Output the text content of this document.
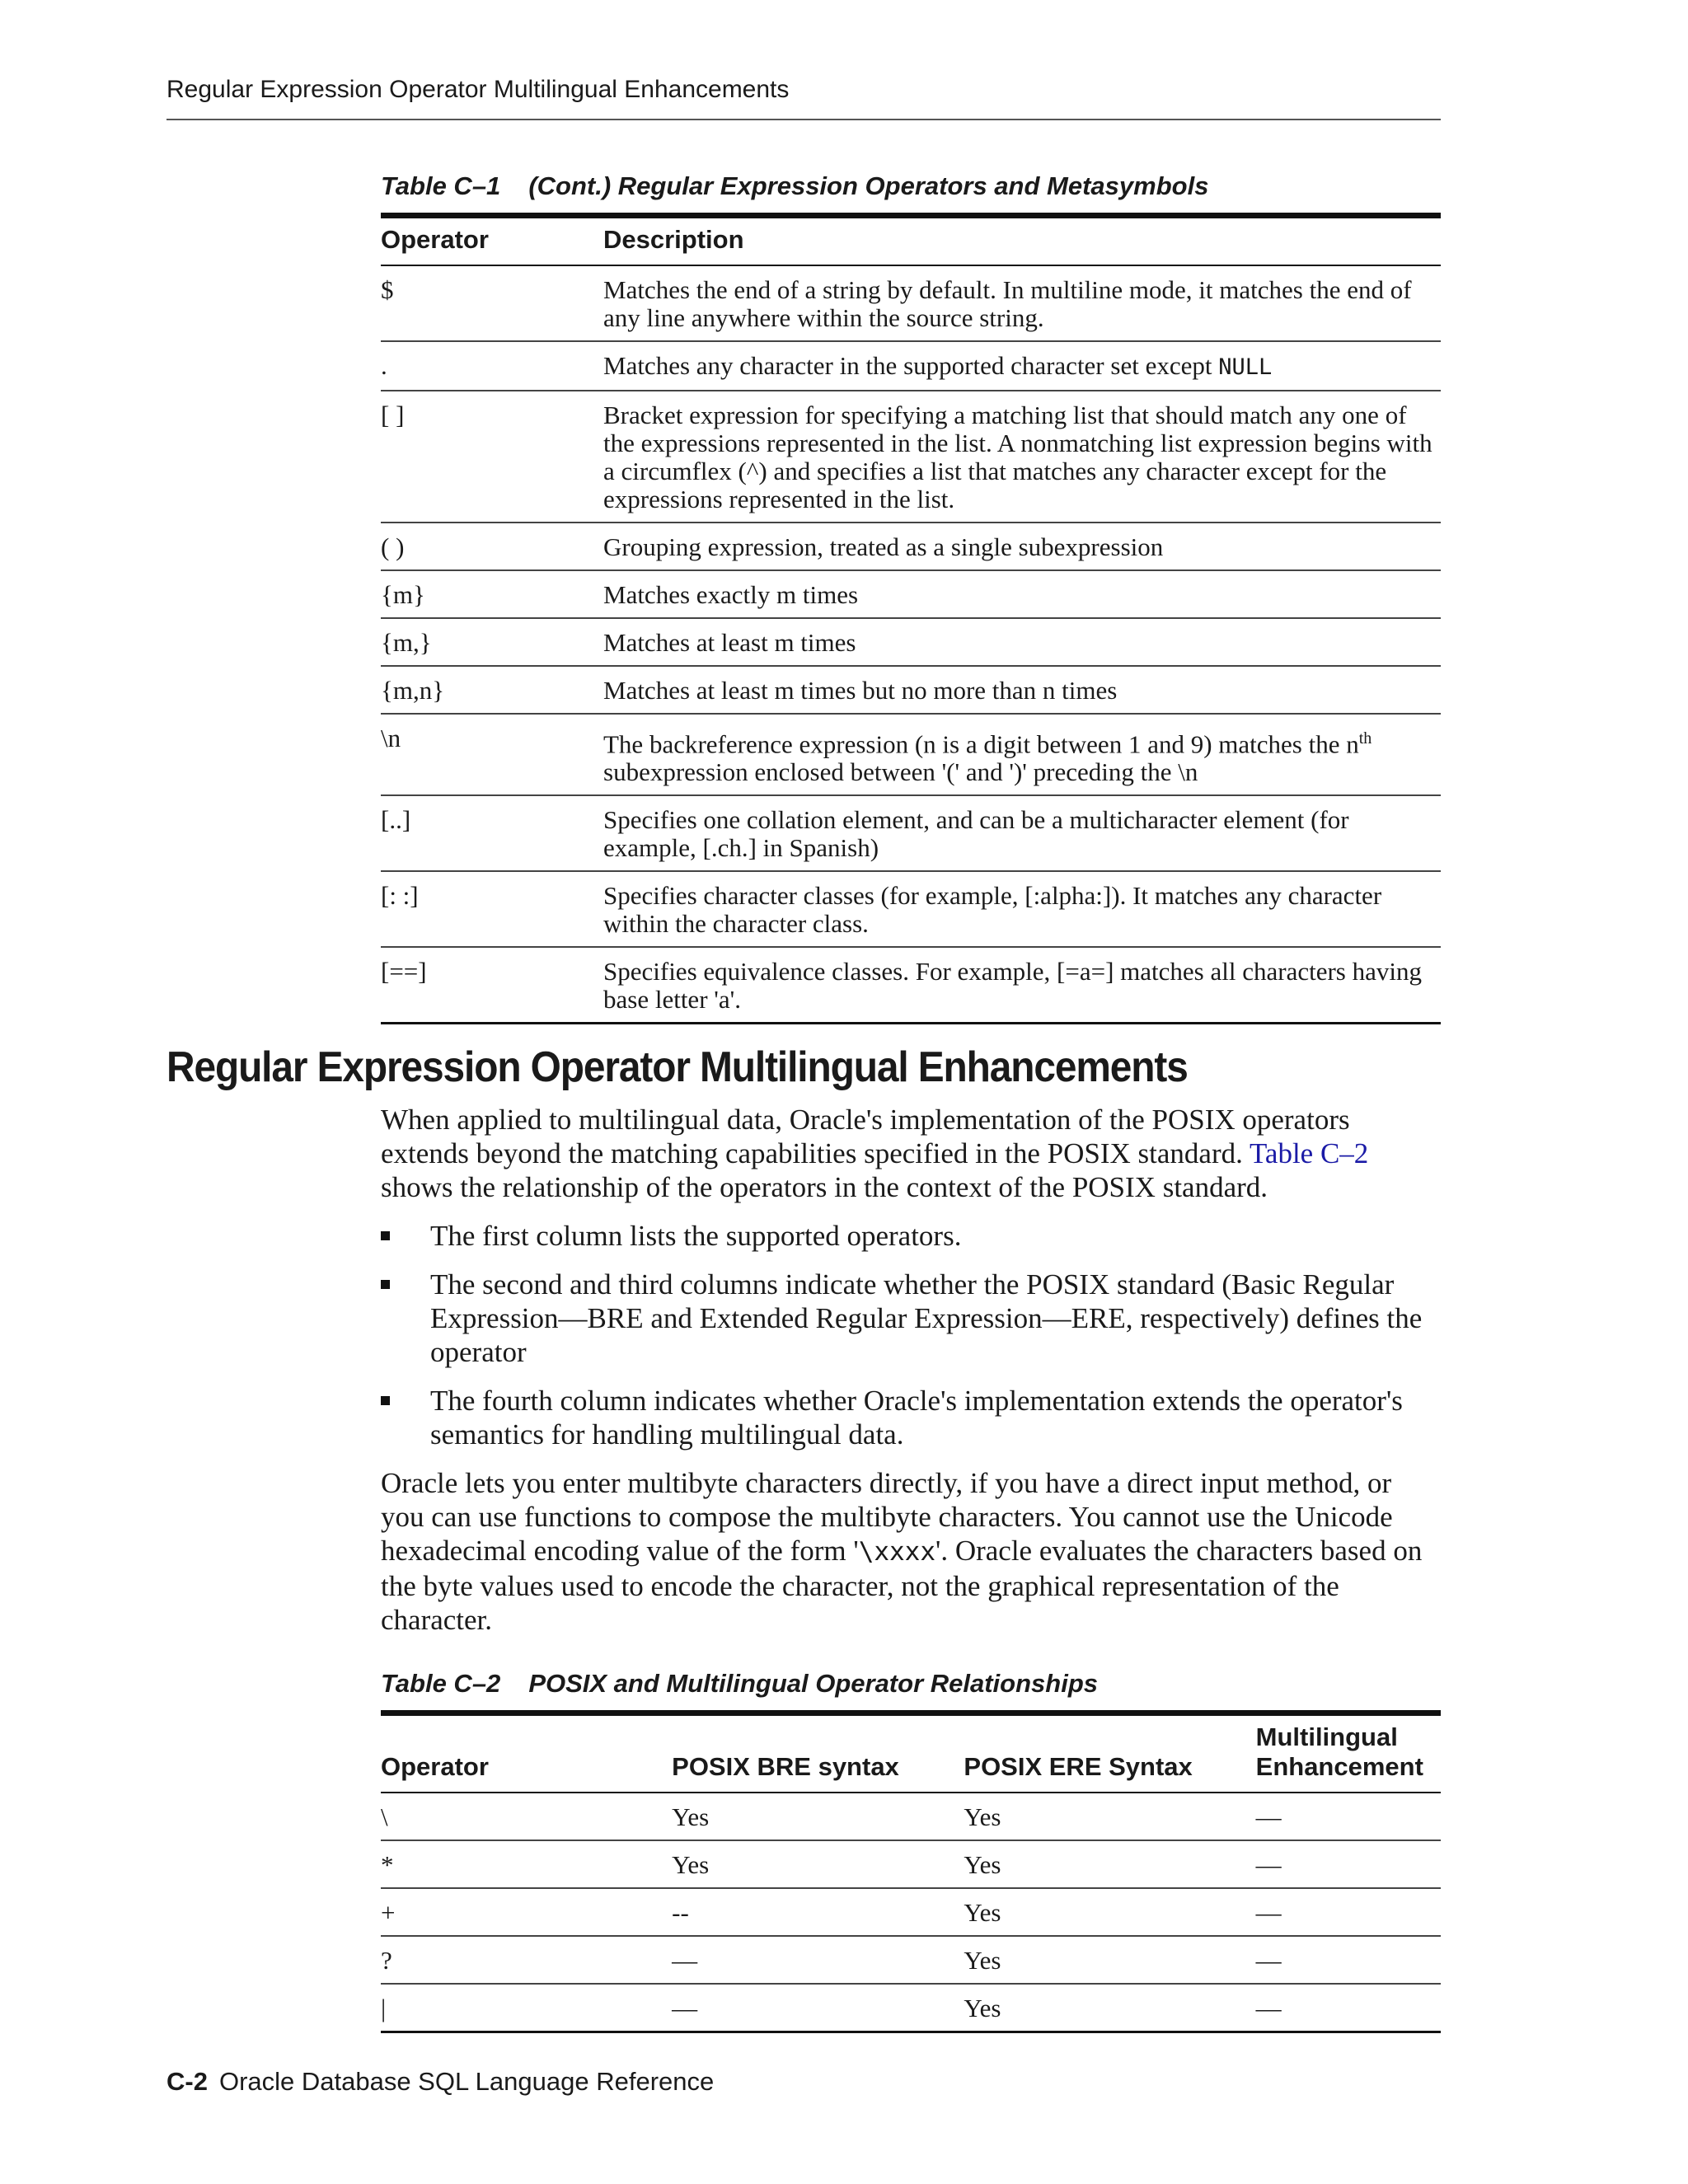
Regular Expression Operator Multilingual Enhancements
Table C–1 (Cont.) Regular Expression Operators and Metasymbols
Operator	Description
$	Matches the end of a string by default. In multiline mode, it matches the end of any line anywhere within the source string.
.	Matches any character in the supported character set except NULL
[ ]	Bracket expression for specifying a matching list that should match any one of the expressions represented in the list. A nonmatching list expression begins with a circumflex (^) and specifies a list that matches any character except for the expressions represented in the list.
( )	Grouping expression, treated as a single subexpression
{m}	Matches exactly m times
{m,}	Matches at least m times
{m,n}	Matches at least m times but no more than n times
\n	The backreference expression (n is a digit between 1 and 9) matches the $n^{th}$ subexpression enclosed between '(' and ')' preceding the \n
[..]	Specifies one collation element, and can be a multicharacter element (for example, [.ch.] in Spanish)
[: :]	Specifies character classes (for example, [:alpha:]). It matches any character within the character class.
[==]	Specifies equivalence classes. For example, [=a=] matches all characters having base letter 'a'.
Regular Expression Operator Multilingual Enhancements

When applied to multilingual data, Oracle's implementation of the POSIX operators extends beyond the matching capabilities specified in the POSIX standard. Table C–2 shows the relationship of the operators in the context of the POSIX standard.

The first column lists the supported operators.
The second and third columns indicate whether the POSIX standard (Basic Regular Expression—BRE and Extended Regular Expression—ERE, respectively) defines the operator
The fourth column indicates whether Oracle's implementation extends the operator's semantics for handling multilingual data.

Oracle lets you enter multibyte characters directly, if you have a direct input method, or you can use functions to compose the multibyte characters. You cannot use the Unicode hexadecimal encoding value of the form '\xxxx'. Oracle evaluates the characters based on the byte values used to encode the character, not the graphical representation of the character.

Table C–2 POSIX and Multilingual Operator Relationships
Operator	POSIX BRE syntax	POSIX ERE Syntax	Multilingual Enhancement
\	Yes	Yes	—
*	Yes	Yes	—
+	--	Yes	—
?	—	Yes	—
|	—	Yes	—
C-2 Oracle Database SQL Language Reference
